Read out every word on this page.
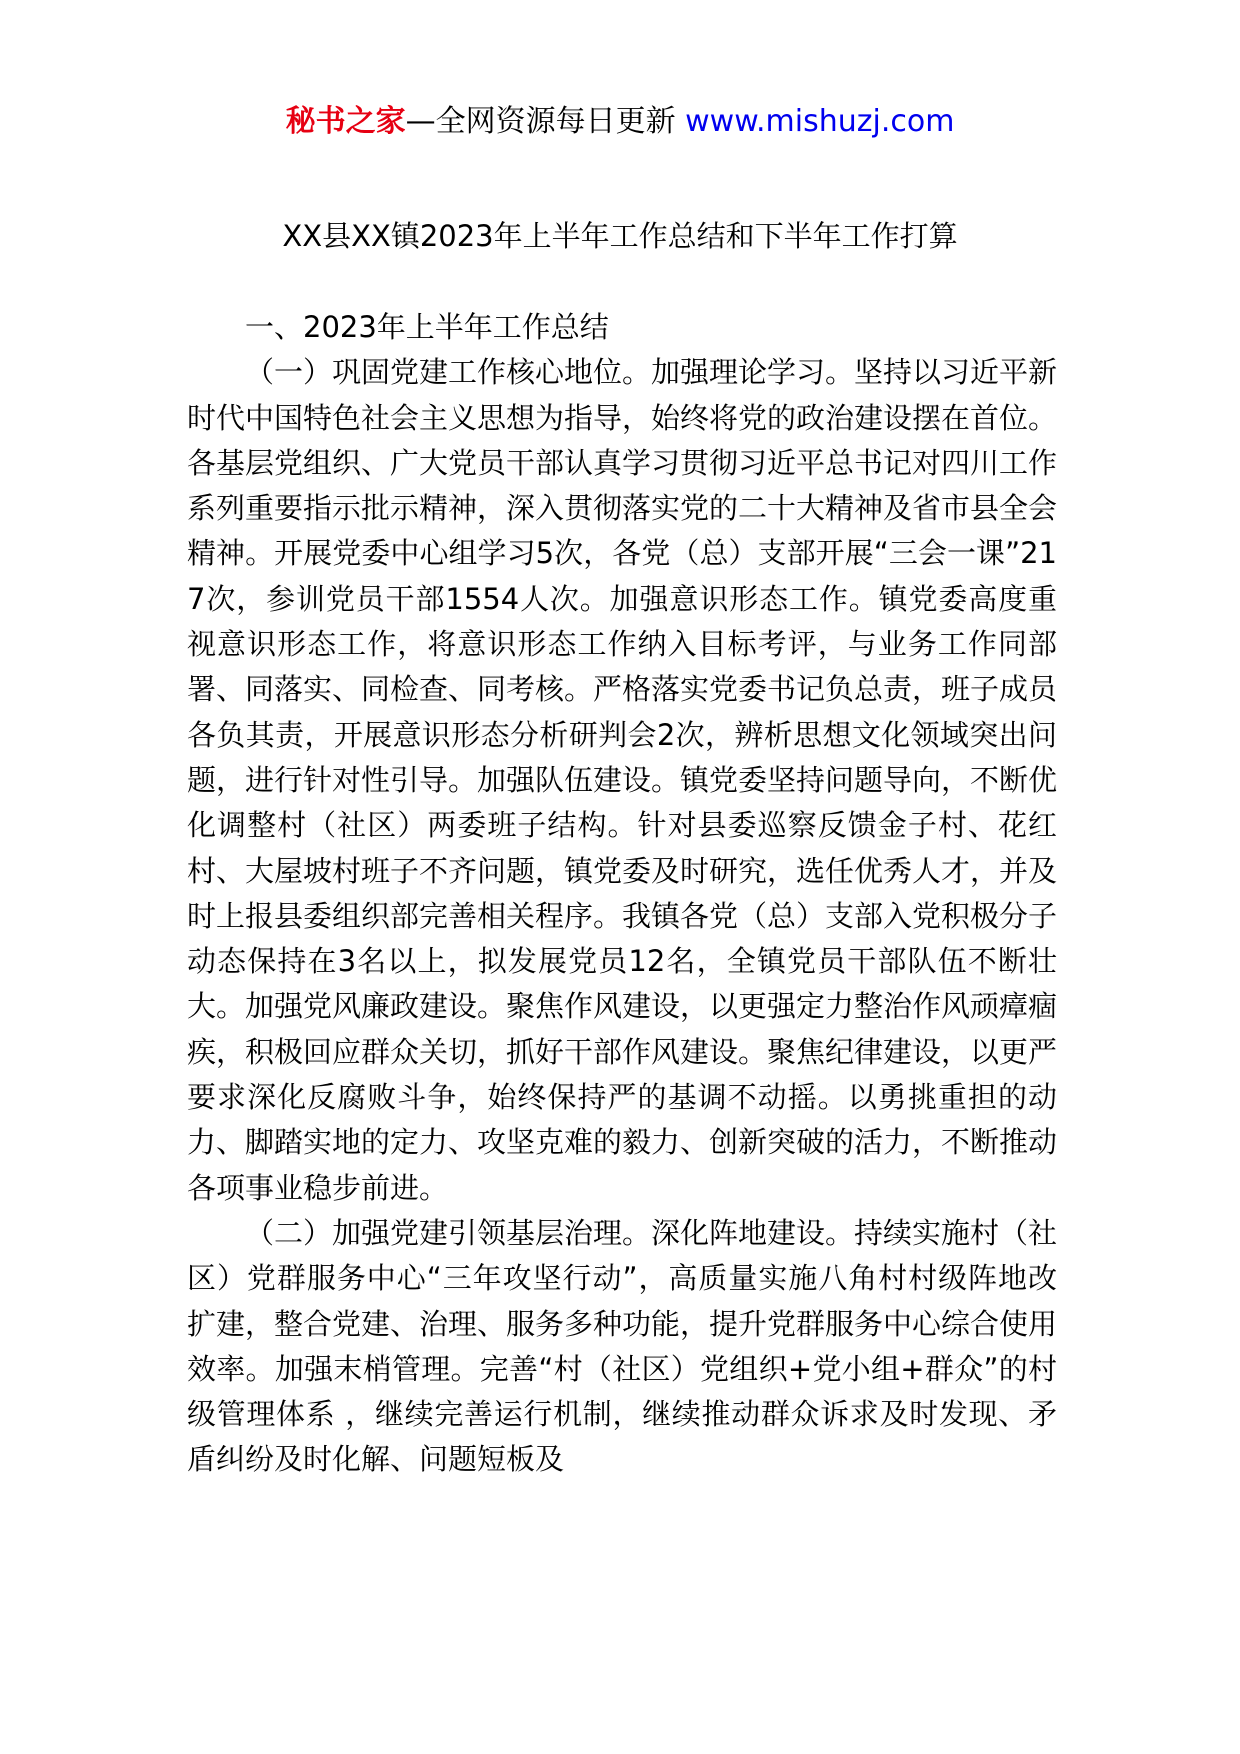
秘书之家—全网资源每日更新 www.mishuzj.com
XX县XX镇2023年上半年工作总结和下半年工作打算

一、2023年上半年工作总结

（一）巩固党建工作核心地位。加强理论学习。坚持以习近平新时代中国特色社会主义思想为指导，始终将党的政治建设摆在首位。各基层党组织、广大党员干部认真学习贯彻习近平总书记对四川工作系列重要指示批示精神，深入贯彻落实党的二十大精神及省市县全会精神。开展党委中心组学习5次，各党（总）支部开展“三会一课”217次，参训党员干部1554人次。加强意识形态工作。镇党委高度重视意识形态工作，将意识形态工作纳入目标考评，与业务工作同部署、同落实、同检查、同考核。严格落实党委书记负总责，班子成员各负其责，开展意识形态分析研判会2次，辨析思想文化领域突出问题，进行针对性引导。加强队伍建设。镇党委坚持问题导向，不断优化调整村（社区）两委班子结构。针对县委巡察反馈金子村、花红村、大屋坡村班子不齐问题，镇党委及时研究，选任优秀人才，并及时上报县委组织部完善相关程序。我镇各党（总）支部入党积极分子动态保持在3名以上，拟发展党员12名，全镇党员干部队伍不断壮大。加强党风廉政建设。聚焦作风建设，以更强定力整治作风顽瘴痼疾，积极回应群众关切，抓好干部作风建设。聚焦纪律建设，以更严要求深化反腐败斗争，始终保持严的基调不动摇。以勇挑重担的动力、脚踏实地的定力、攻坚克难的毅力、创新突破的活力，不断推动各项事业稳步前进。

（二）加强党建引领基层治理。深化阵地建设。持续实施村（社区）党群服务中心“三年攻坚行动”，高质量实施八角村村级阵地改扩建，整合党建、治理、服务多种功能，提升党群服务中心综合使用效率。加强末梢管理。完善“村（社区）党组织+党小组+群众”的村级管理体系 ，继续完善运行机制，继续推动群众诉求及时发现、矛盾纠纷及时化解、问题短板及
